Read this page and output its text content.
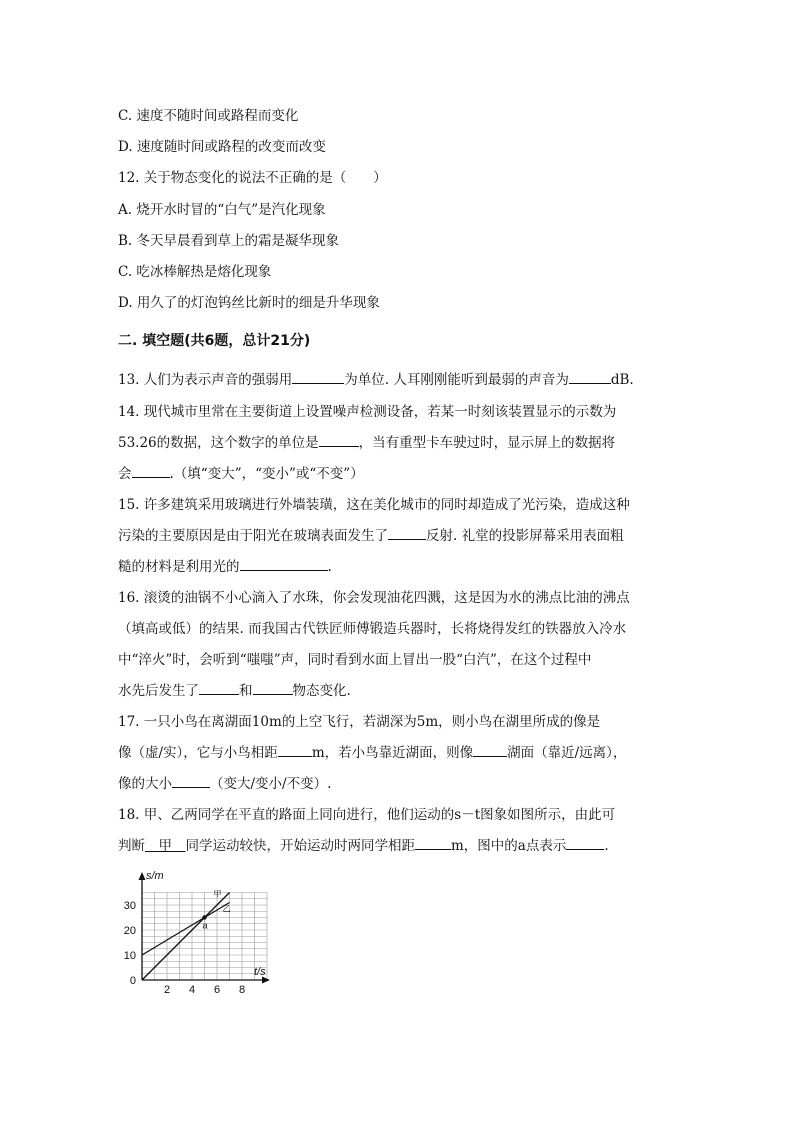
C. 速度不随时间或路程而变化
D. 速度随时间或路程的改变而改变
12. 关于物态变化的说法不正确的是（　　）
A. 烧开水时冒的“白气”是汽化现象
B. 冬天早晨看到草上的霜是凝华现象
C. 吃冰棒解热是熔化现象
D. 用久了的灯泡钨丝比新时的细是升华现象
二. 填空题(共6题，总计21分)
13. 人们为表示声音的强弱用	为单位. 人耳刚刚能听到最弱的声音为	dB.
14. 现代城市里常在主要街道上设置噪声检测设备，若某一时刻该装置显示的示数为
53.26的数据，这个数字的单位是	，当有重型卡车驶过时，显示屏上的数据将
会	.（填“变大”，“变小”或“不变”）
15. 许多建筑采用玻璃进行外墙装璜，这在美化城市的同时却造成了光污染，造成这种
污染的主要原因是由于阳光在玻璃表面发生了	反射. 礼堂的投影屏幕采用表面粗
糙的材料是利用光的	.
16. 滚烫的油锅不小心滴入了水珠，你会发现油花四溅，这是因为水的沸点比油的沸点
（填高或低）的结果. 而我国古代铁匠师傅锻造兵器时，长将烧得发红的铁器放入冷水
中“淬火”时，会听到“嗤嗤”声，同时看到水面上冒出一股“白汽”，在这个过程中
水先后发生了	和	物态变化.
17. 一只小鸟在离湖面10m的上空飞行，若湖深为5m，则小鸟在湖里所成的像是
像（虚/实），它与小鸟相距	m，若小鸟靠近湖面，则像	湖面（靠近/远离），
像的大小	（变大/变小/不变）.
18. 甲、乙两同学在平直的路面上同向进行，他们运动的s－t图象如图所示，由此可
判断　甲　同学运动较快，开始运动时两同学相距	m，图中的a点表示	.
2 4 6 8
0
10
20
30
s/m
t/s
甲
乙
a
